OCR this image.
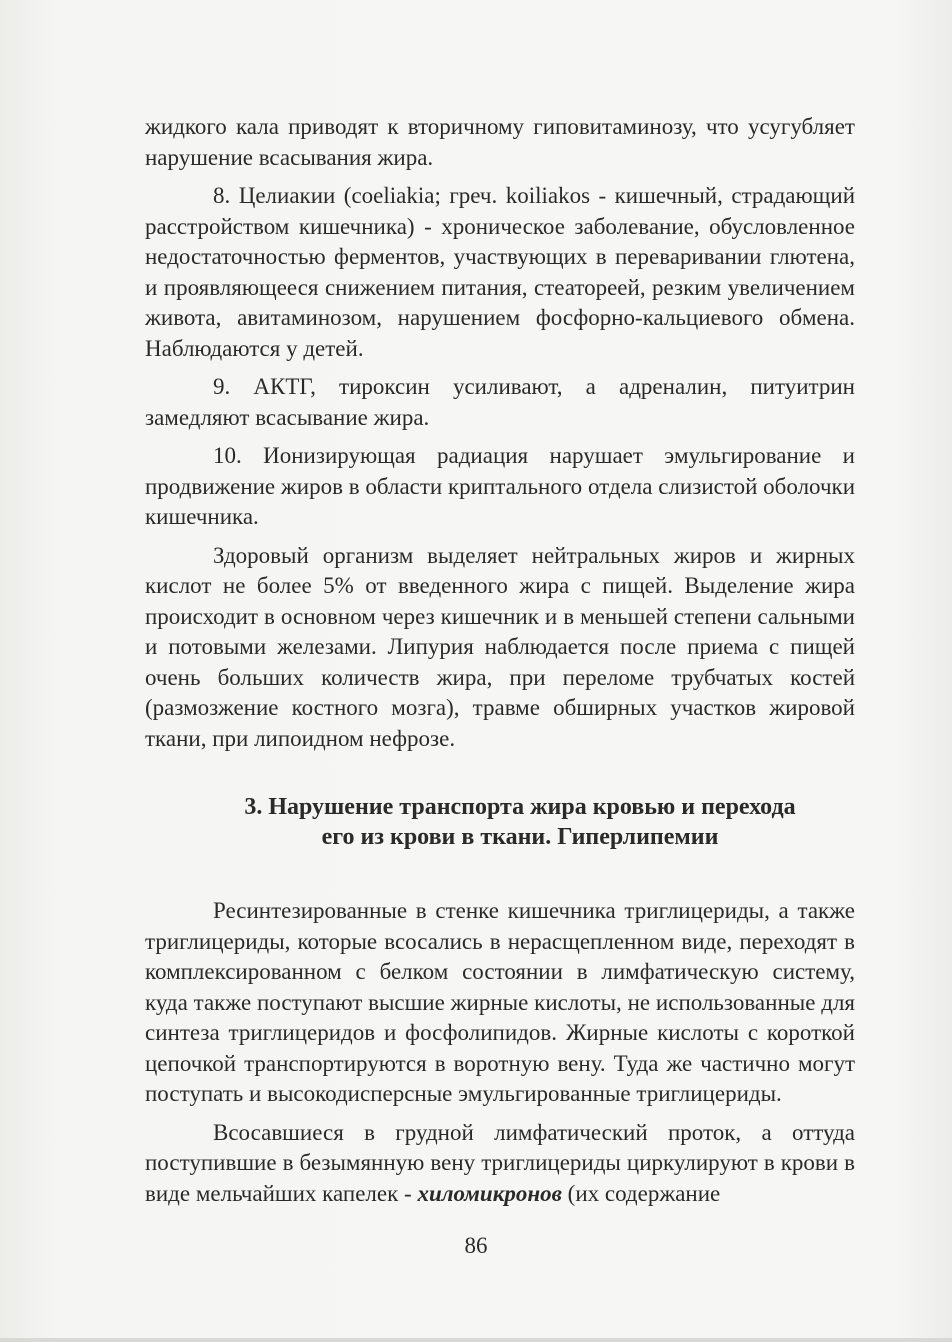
жидкого кала приводят к вторичному гиповитаминозу, что усугубляет нарушение всасывания жира.

8. Целиакии (coeliakia; греч. koiliakos - кишечный, страдающий расстройством кишечника) - хроническое заболевание, обусловленное недостаточностью ферментов, участвующих в переваривании глютена, и проявляющееся снижением питания, стеатореей, резким увеличением живота, авитаминозом, нарушением фосфорно-кальциевого обмена. Наблюдаются у детей.

9. АКТГ, тироксин усиливают, а адреналин, питуитрин замедляют всасывание жира.

10. Ионизирующая радиация нарушает эмульгирование и продвижение жиров в области криптального отдела слизистой оболочки кишечника.

Здоровый организм выделяет нейтральных жиров и жирных кислот не более 5% от введенного жира с пищей. Выделение жира происходит в основном через кишечник и в меньшей степени сальными и потовыми железами. Липурия наблюдается после приема с пищей очень больших количеств жира, при переломе трубчатых костей (размозжение костного мозга), травме обширных участков жировой ткани, при липоидном нефрозе.

3. Нарушение транспорта жира кровью и перехода
его из крови в ткани. Гиперлипемии

Ресинтезированные в стенке кишечника триглицериды, а также триглицериды, которые всосались в нерасщепленном виде, переходят в комплексированном с белком состоянии в лимфатическую систему, куда также поступают высшие жирные кислоты, не использованные для синтеза триглицеридов и фосфолипидов. Жирные кислоты с короткой цепочкой транспортируются в воротную вену. Туда же частично могут поступать и высокодисперсные эмульгированные триглицериды.

Всосавшиеся в грудной лимфатический проток, а оттуда поступившие в безымянную вену триглицериды циркулируют в крови в виде мельчайших капелек - хиломикронов (их содержание

86
